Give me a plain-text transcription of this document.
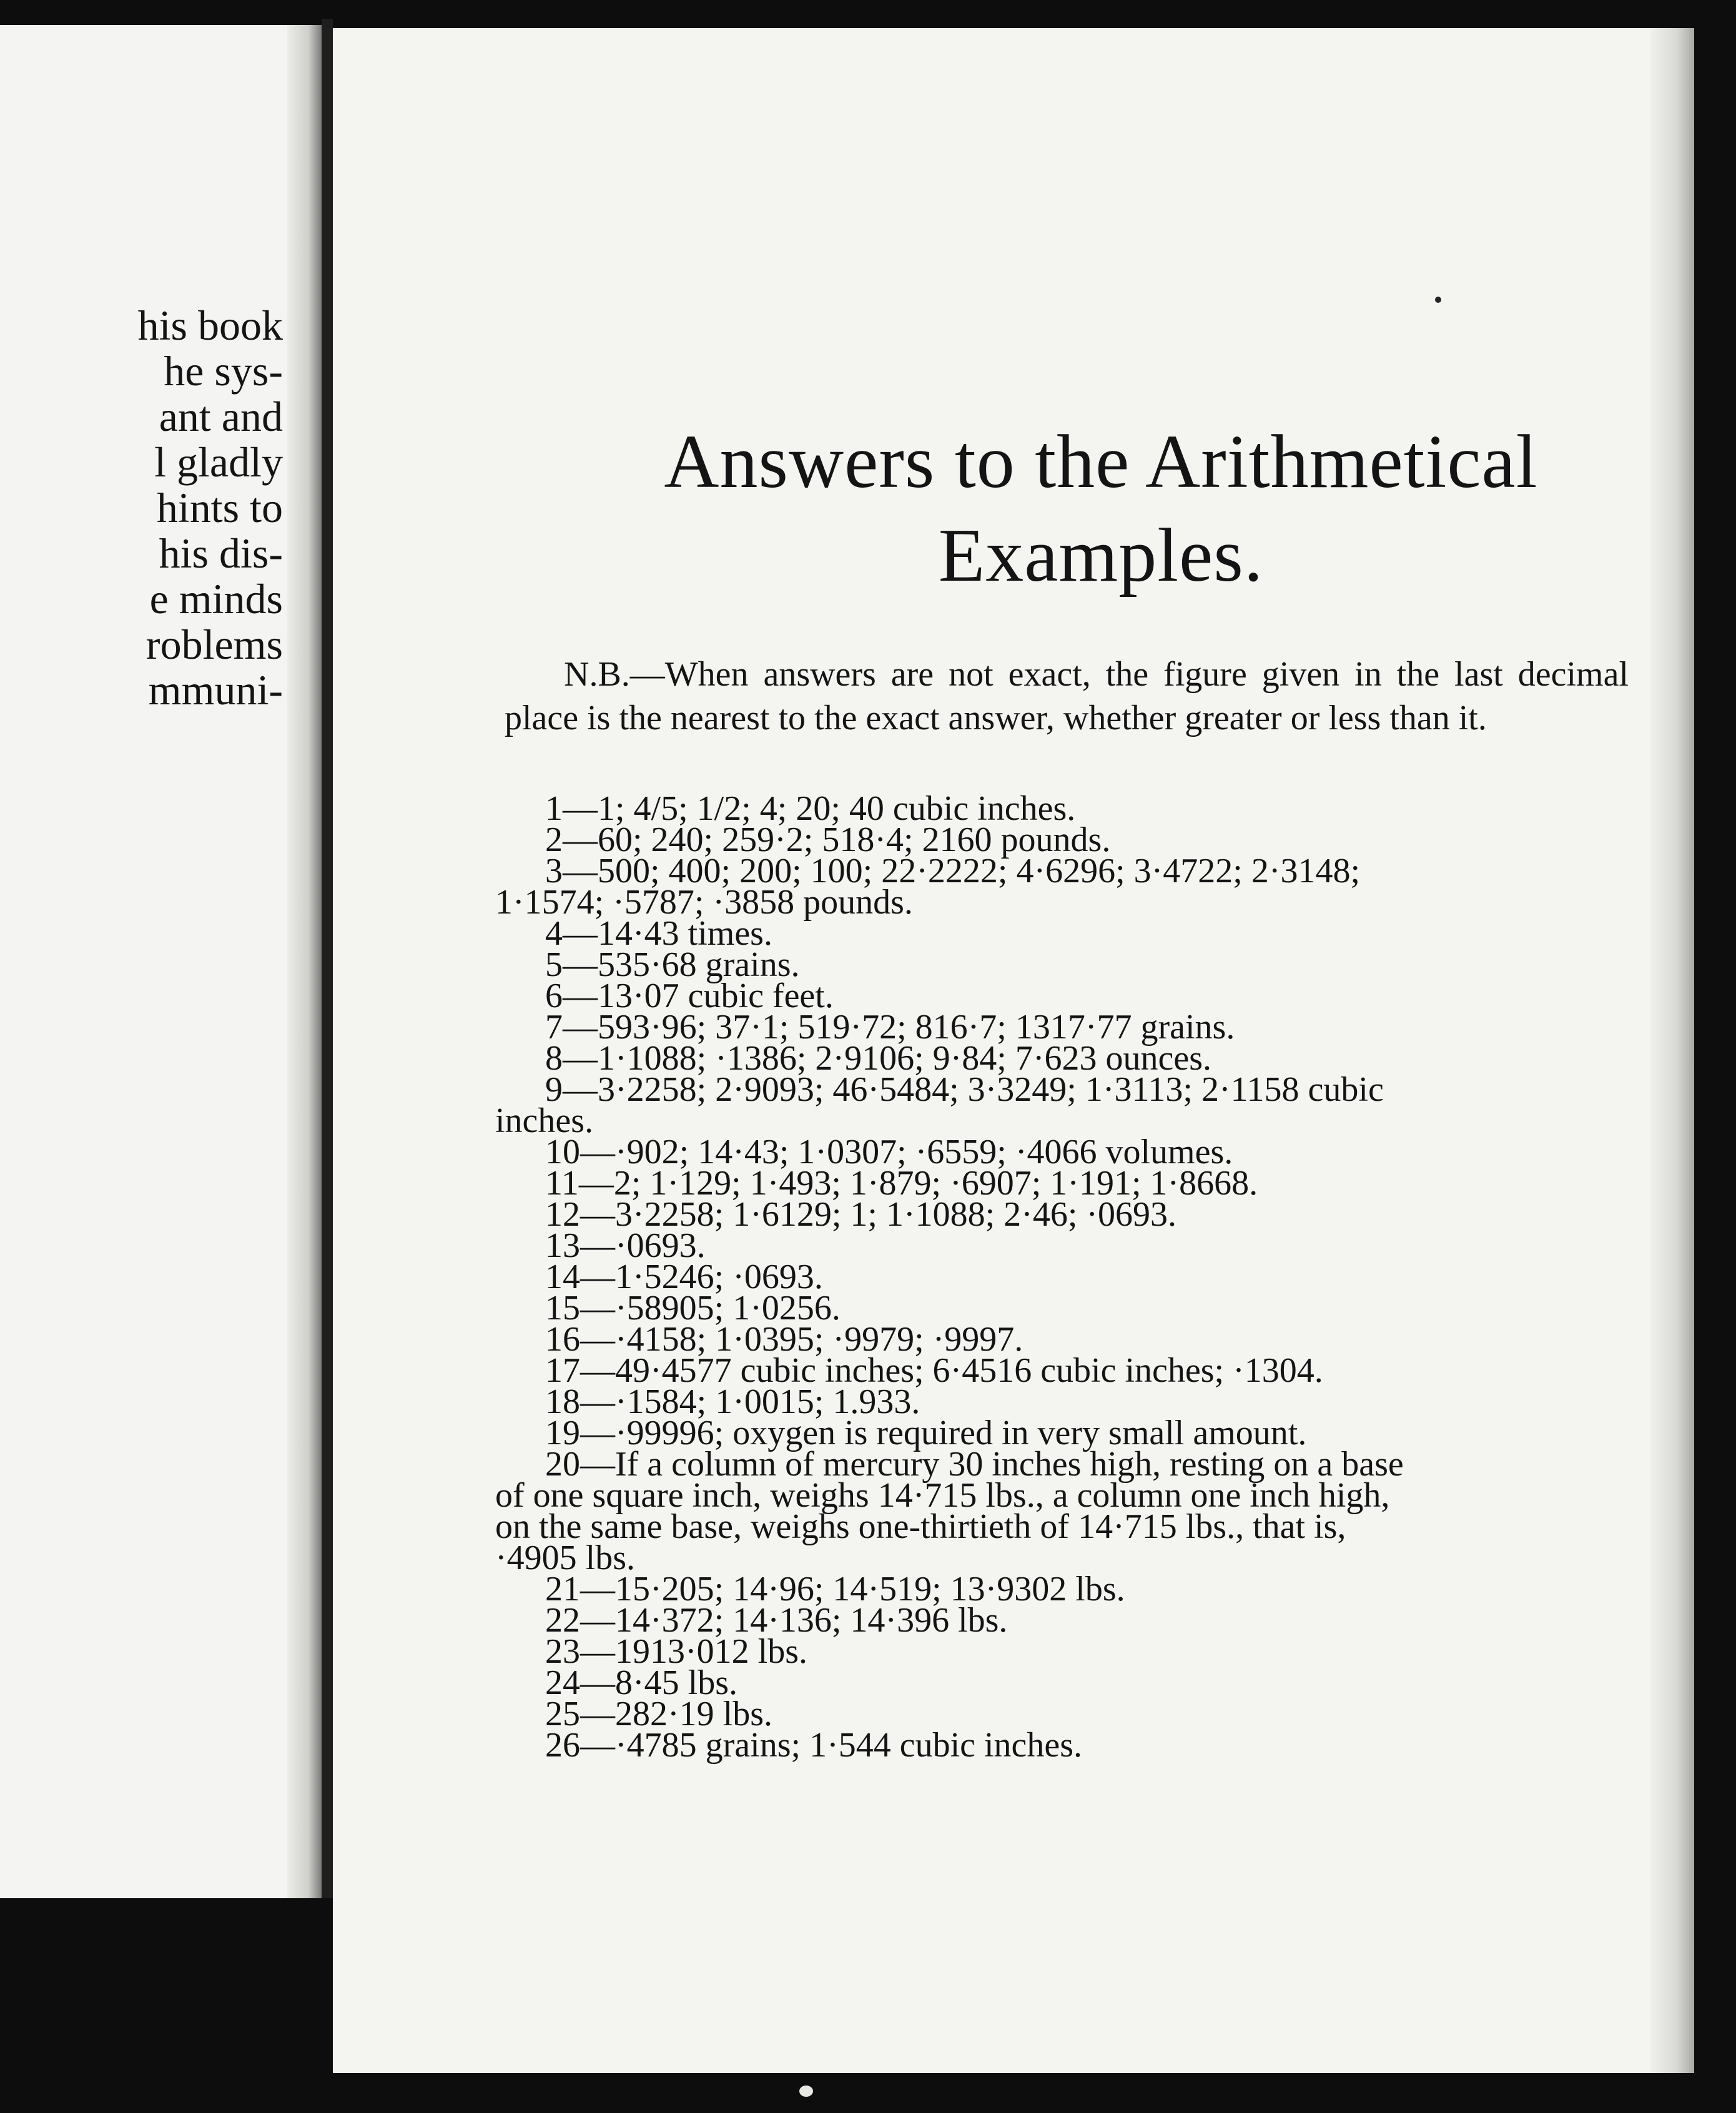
his book
he sys-
ant and
l gladly
hints to
his dis-
e minds
roblems
mmuni-
Answers to the Arithmetical
Examples.
N.B.—When answers are not exact, the figure given in the last decimal place is the nearest to the exact answer, whether greater or less than it.
1—1; 4/5; 1/2; 4; 20; 40 cubic inches.
2—60; 240; 259·2; 518·4; 2160 pounds.
3—500; 400; 200; 100; 22·2222; 4·6296; 3·4722; 2·3148;
1·1574; ·5787; ·3858 pounds.
4—14·43 times.
5—535·68 grains.
6—13·07 cubic feet.
7—593·96; 37·1; 519·72; 816·7; 1317·77 grains.
8—1·1088; ·1386; 2·9106; 9·84; 7·623 ounces.
9—3·2258; 2·9093; 46·5484; 3·3249; 1·3113; 2·1158 cubic
inches.
10—·902; 14·43; 1·0307; ·6559; ·4066 volumes.
11—2; 1·129; 1·493; 1·879; ·6907; 1·191; 1·8668.
12—3·2258; 1·6129; 1; 1·1088; 2·46; ·0693.
13—·0693.
14—1·5246; ·0693.
15—·58905; 1·0256.
16—·4158; 1·0395; ·9979; ·9997.
17—49·4577 cubic inches; 6·4516 cubic inches; ·1304.
18—·1584; 1·0015; 1.933.
19—·99996; oxygen is required in very small amount.
20—If a column of mercury 30 inches high, resting on a base
of one square inch, weighs 14·715 lbs., a column one inch high,
on the same base, weighs one-thirtieth of 14·715 lbs., that is,
·4905 lbs.
21—15·205; 14·96; 14·519; 13·9302 lbs.
22—14·372; 14·136; 14·396 lbs.
23—1913·012 lbs.
24—8·45 lbs.
25—282·19 lbs.
26—·4785 grains; 1·544 cubic inches.
